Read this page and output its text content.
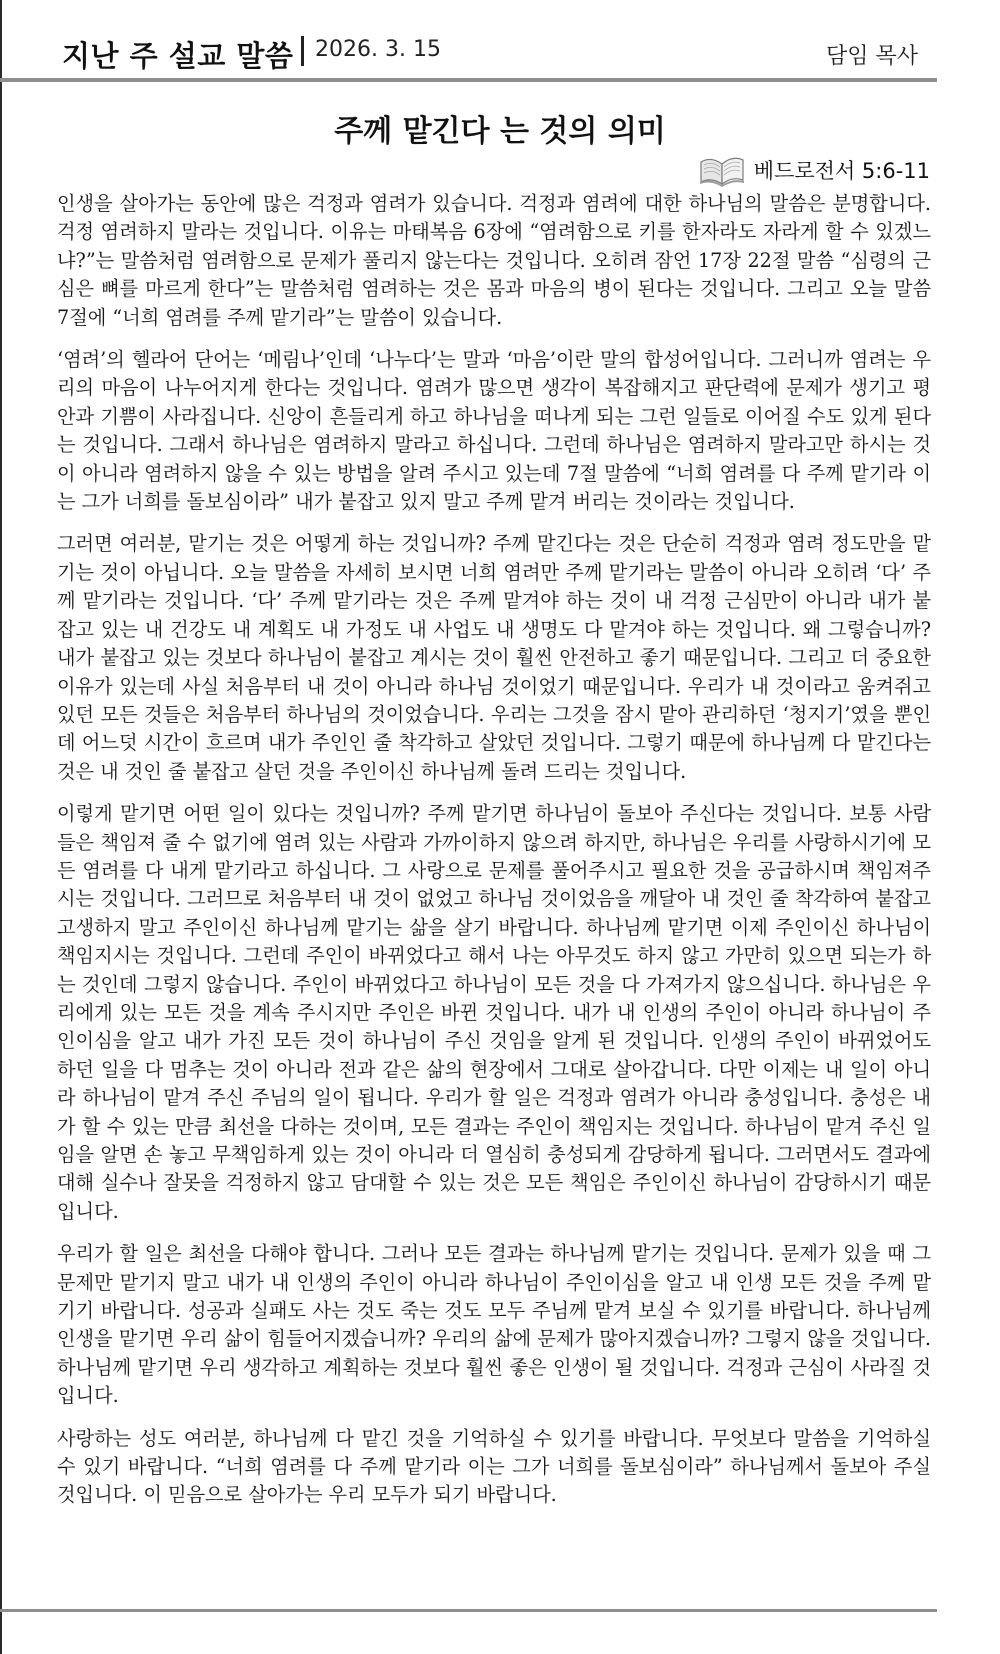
지난 주 설교 말씀 2026. 3. 15	담임 목사
주께 맡긴다 는 것의 의미
베드로전서 5:6-11

인생을 살아가는 동안에 많은 걱정과 염려가 있습니다. 걱정과 염려에 대한 하나님의 말씀은 분명합니다. 걱정 염려하지 말라는 것입니다. 이유는 마태복음 6장에 “염려함으로 키를 한자라도 자라게 할 수 있겠느냐?”는 말씀처럼 염려함으로 문제가 풀리지 않는다는 것입니다. 오히려 잠언 17장 22절 말씀 “심령의 근심은 뼈를 마르게 한다”는 말씀처럼 염려하는 것은 몸과 마음의 병이 된다는 것입니다. 그리고 오늘 말씀 7절에 “너희 염려를 주께 맡기라”는 말씀이 있습니다.

‘염려’의 헬라어 단어는 ‘메림나’인데 ‘나누다’는 말과 ‘마음’이란 말의 합성어입니다. 그러니까 염려는 우리의 마음이 나누어지게 한다는 것입니다. 염려가 많으면 생각이 복잡해지고 판단력에 문제가 생기고 평안과 기쁨이 사라집니다. 신앙이 흔들리게 하고 하나님을 떠나게 되는 그런 일들로 이어질 수도 있게 된다는 것입니다. 그래서 하나님은 염려하지 말라고 하십니다. 그런데 하나님은 염려하지 말라고만 하시는 것이 아니라 염려하지 않을 수 있는 방법을 알려 주시고 있는데 7절 말씀에 “너희 염려를 다 주께 맡기라 이는 그가 너희를 돌보심이라” 내가 붙잡고 있지 말고 주께 맡겨 버리는 것이라는 것입니다.

그러면 여러분, 맡기는 것은 어떻게 하는 것입니까? 주께 맡긴다는 것은 단순히 걱정과 염려 정도만을 맡기는 것이 아닙니다. 오늘 말씀을 자세히 보시면 너희 염려만 주께 맡기라는 말씀이 아니라 오히려 ‘다’ 주께 맡기라는 것입니다. ‘다’ 주께 맡기라는 것은 주께 맡겨야 하는 것이 내 걱정 근심만이 아니라 내가 붙잡고 있는 내 건강도 내 계획도 내 가정도 내 사업도 내 생명도 다 맡겨야 하는 것입니다. 왜 그렇습니까? 내가 붙잡고 있는 것보다 하나님이 붙잡고 계시는 것이 훨씬 안전하고 좋기 때문입니다. 그리고 더 중요한 이유가 있는데 사실 처음부터 내 것이 아니라 하나님 것이었기 때문입니다. 우리가 내 것이라고 움켜쥐고 있던 모든 것들은 처음부터 하나님의 것이었습니다. 우리는 그것을 잠시 맡아 관리하던 ‘청지기’였을 뿐인데 어느덧 시간이 흐르며 내가 주인인 줄 착각하고 살았던 것입니다. 그렇기 때문에 하나님께 다 맡긴다는 것은 내 것인 줄 붙잡고 살던 것을 주인이신 하나님께 돌려 드리는 것입니다.

이렇게 맡기면 어떤 일이 있다는 것입니까? 주께 맡기면 하나님이 돌보아 주신다는 것입니다. 보통 사람들은 책임져 줄 수 없기에 염려 있는 사람과 가까이하지 않으려 하지만, 하나님은 우리를 사랑하시기에 모든 염려를 다 내게 맡기라고 하십니다. 그 사랑으로 문제를 풀어주시고 필요한 것을 공급하시며 책임져주시는 것입니다. 그러므로 처음부터 내 것이 없었고 하나님 것이었음을 깨달아 내 것인 줄 착각하여 붙잡고 고생하지 말고 주인이신 하나님께 맡기는 삶을 살기 바랍니다. 하나님께 맡기면 이제 주인이신 하나님이 책임지시는 것입니다. 그런데 주인이 바뀌었다고 해서 나는 아무것도 하지 않고 가만히 있으면 되는가 하는 것인데 그렇지 않습니다. 주인이 바뀌었다고 하나님이 모든 것을 다 가져가지 않으십니다. 하나님은 우리에게 있는 모든 것을 계속 주시지만 주인은 바뀐 것입니다. 내가 내 인생의 주인이 아니라 하나님이 주인이심을 알고 내가 가진 모든 것이 하나님이 주신 것임을 알게 된 것입니다. 인생의 주인이 바뀌었어도 하던 일을 다 멈추는 것이 아니라 전과 같은 삶의 현장에서 그대로 살아갑니다. 다만 이제는 내 일이 아니라 하나님이 맡겨 주신 주님의 일이 됩니다. 우리가 할 일은 걱정과 염려가 아니라 충성입니다. 충성은 내가 할 수 있는 만큼 최선을 다하는 것이며, 모든 결과는 주인이 책임지는 것입니다. 하나님이 맡겨 주신 일임을 알면 손 놓고 무책임하게 있는 것이 아니라 더 열심히 충성되게 감당하게 됩니다. 그러면서도 결과에 대해 실수나 잘못을 걱정하지 않고 담대할 수 있는 것은 모든 책임은 주인이신 하나님이 감당하시기 때문입니다.

우리가 할 일은 최선을 다해야 합니다. 그러나 모든 결과는 하나님께 맡기는 것입니다. 문제가 있을 때 그 문제만 맡기지 말고 내가 내 인생의 주인이 아니라 하나님이 주인이심을 알고 내 인생 모든 것을 주께 맡기기 바랍니다. 성공과 실패도 사는 것도 죽는 것도 모두 주님께 맡겨 보실 수 있기를 바랍니다. 하나님께 인생을 맡기면 우리 삶이 힘들어지겠습니까? 우리의 삶에 문제가 많아지겠습니까? 그렇지 않을 것입니다. 하나님께 맡기면 우리 생각하고 계획하는 것보다 훨씬 좋은 인생이 될 것입니다. 걱정과 근심이 사라질 것입니다.

사랑하는 성도 여러분, 하나님께 다 맡긴 것을 기억하실 수 있기를 바랍니다. 무엇보다 말씀을 기억하실 수 있기 바랍니다. “너희 염려를 다 주께 맡기라 이는 그가 너희를 돌보심이라” 하나님께서 돌보아 주실 것입니다. 이 믿음으로 살아가는 우리 모두가 되기 바랍니다.
